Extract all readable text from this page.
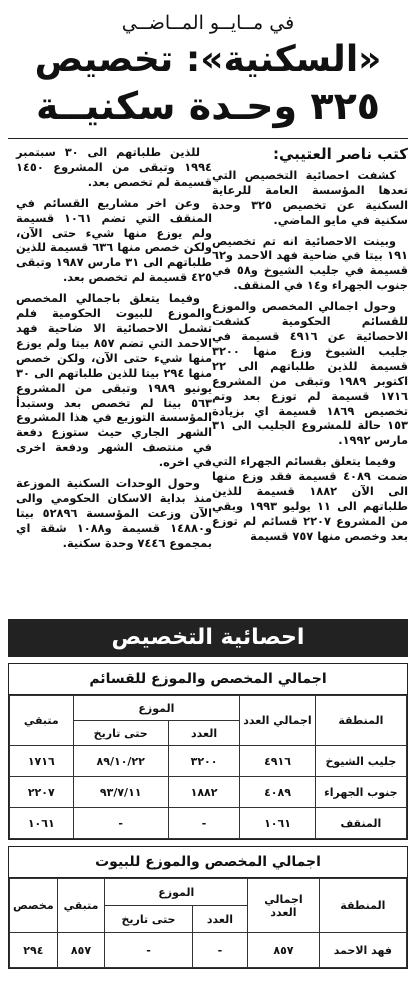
في مــايــو المــاضــي
«السكنية»: تخصيص
٣٢٥ وحـدة سكنيــة
كتب ناصر العتيبي:

كشفت احصائية التخصيص التي تعدها المؤسسة العامة للرعاية السكنية عن تخصيص ٣٢٥ وحدة سكنية في مايو الماضي.

وبينت الاحصائية انه تم تخصيص ١٩١ بيتا في ضاحية فهد الاحمد و٦٢ قسيمة في جليب الشيوخ و٥٨ في جنوب الجهراء و١٤ في المنقف.

وحول اجمالي المخصص والموزع للقسائم الحكومية كشفت الاحصائية عن ٤٩١٦ قسيمة في جليب الشيوخ وزع منها ٣٢٠٠ قسيمة للذين طلباتهم الى ٢٢ اكتوبر ١٩٨٩ وتبقى من المشروع ١٧١٦ قسيمة لم توزع بعد وتم تخصيص ١٨٦٩ قسيمة اي بزيادة ١٥٣ حالة للمشروع الجليب الى ٣١ مارس ١٩٩٢.

وفيما يتعلق بقسائم الجهراء التي ضمت ٤٠٨٩ قسيمة فقد وزع منها الى الآن ١٨٨٢ قسيمة للذين طلباتهم الى ١١ يوليو ١٩٩٣ وبقي من المشروع ٢٢٠٧ قسائم لم توزع بعد وخصص منها ٧٥٧ قسيمة

للذين طلباتهم الى ٣٠ سبتمبر ١٩٩٤ وتبقى من المشروع ١٤٥٠ قسيمة لم تخصص بعد.

وعن اخر مشاريع القسائم في المنقف التي تضم ١٠٦١ قسيمة ولم يوزع منها شيء حتى الآن، ولكن خصص منها ٦٣٦ قسيمة للذين طلباتهم الى ٣١ مارس ١٩٨٧ وتبقى ٤٢٥ قسيمة لم تخصص بعد.

وفيما يتعلق باجمالي المخصص والموزع للبيوت الحكومية فلم تشمل الاحصائية الا ضاحية فهد الاحمد التي تضم ٨٥٧ بيتا ولم يوزع منها شيء حتى الآن، ولكن خصص منها ٢٩٤ بيتا للذين طلباتهم الى ٣٠ يونيو ١٩٨٩ وتبقى من المشروع ٥٦٣ بيتا لم تخصص بعد وستبدأ المؤسسة التوزيع في هذا المشروع الشهر الجاري حيث ستوزع دفعة في منتصف الشهر ودفعة اخرى في اخره.

وحول الوحدات السكنية الموزعة منذ بداية الاسكان الحكومي والى الآن وزعت المؤسسة ٥٢٨٩٦ بيتا و١٤٨٨٠ قسيمة و١٠٨٨ شقة اي بمجموع ٧٤٤٦ وحدة سكنية.

احصائية التخصيص
اجمالي المخصص والموزع للقسائم
المنطقة	اجمالي العدد	الموزع		متبقي
		العدد	حتى تاريخ	
جليب الشيوخ	٤٩١٦	٣٢٠٠	٨٩/١٠/٢٢	١٧١٦
جنوب الجهراء	٤٠٨٩	١٨٨٢	٩٣/٧/١١	٢٢٠٧
المنقف	١٠٦١	-	-	١٠٦١
اجمالي المخصص والموزع للبيوت
المنطقة	اجمالي العدد	الموزع		متبقي	مخصص
		العدد	حتى تاريخ		
فهد الاحمد	٨٥٧	-	-	٨٥٧	٢٩٤
